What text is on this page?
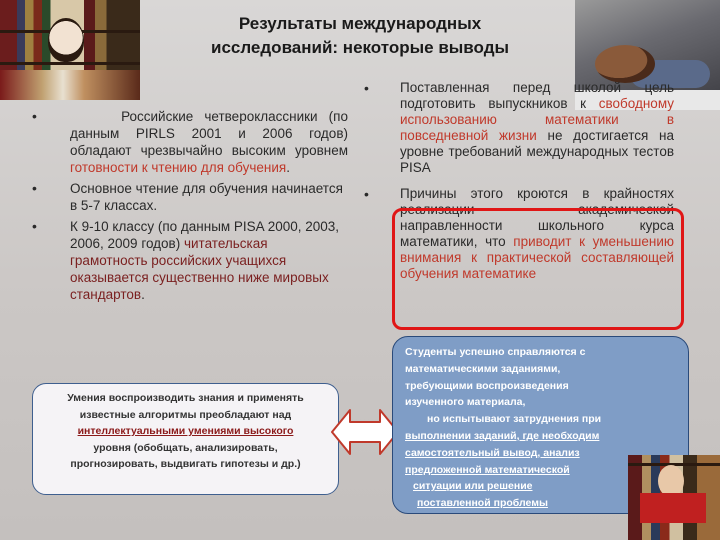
Результаты международных
исследований: некоторые выводы
•	Российские четвероклассники (по данным PIRLS 2001 и 2006 годов) обладают чрезвычайно высоким уровнем готовности к чтению для обучения.
• Основное чтение для обучения начинается в 5-7 классах.
• К 9-10 классу (по данным PISA 2000, 2003, 2006, 2009 годов) читательская грамотность российских учащихся оказывается существенно ниже мировых стандартов.
Умения воспроизводить знания и применять
известные алгоритмы преобладают над
интеллектуальными умениями высокого
уровня (обобщать, анализировать,
прогнозировать, выдвигать гипотезы и др.)
• Поставленная перед школой цель подготовить выпускников к свободному использованию математики в повседневной жизни не достигается на уровне требований международных тестов PISA
• Причины этого кроются в крайностях реализации академической направленности школьного курса математики, что приводит к уменьшению внимания к практической составляющей обучения математике
Студенты успешно справляются с
математическими заданиями,
требующими воспроизведения
изученного материала,
но испытывают затруднения при
выполнении заданий, где необходим
самостоятельный вывод, анализ
предложенной математической
ситуации или решение
поставленной проблемы
